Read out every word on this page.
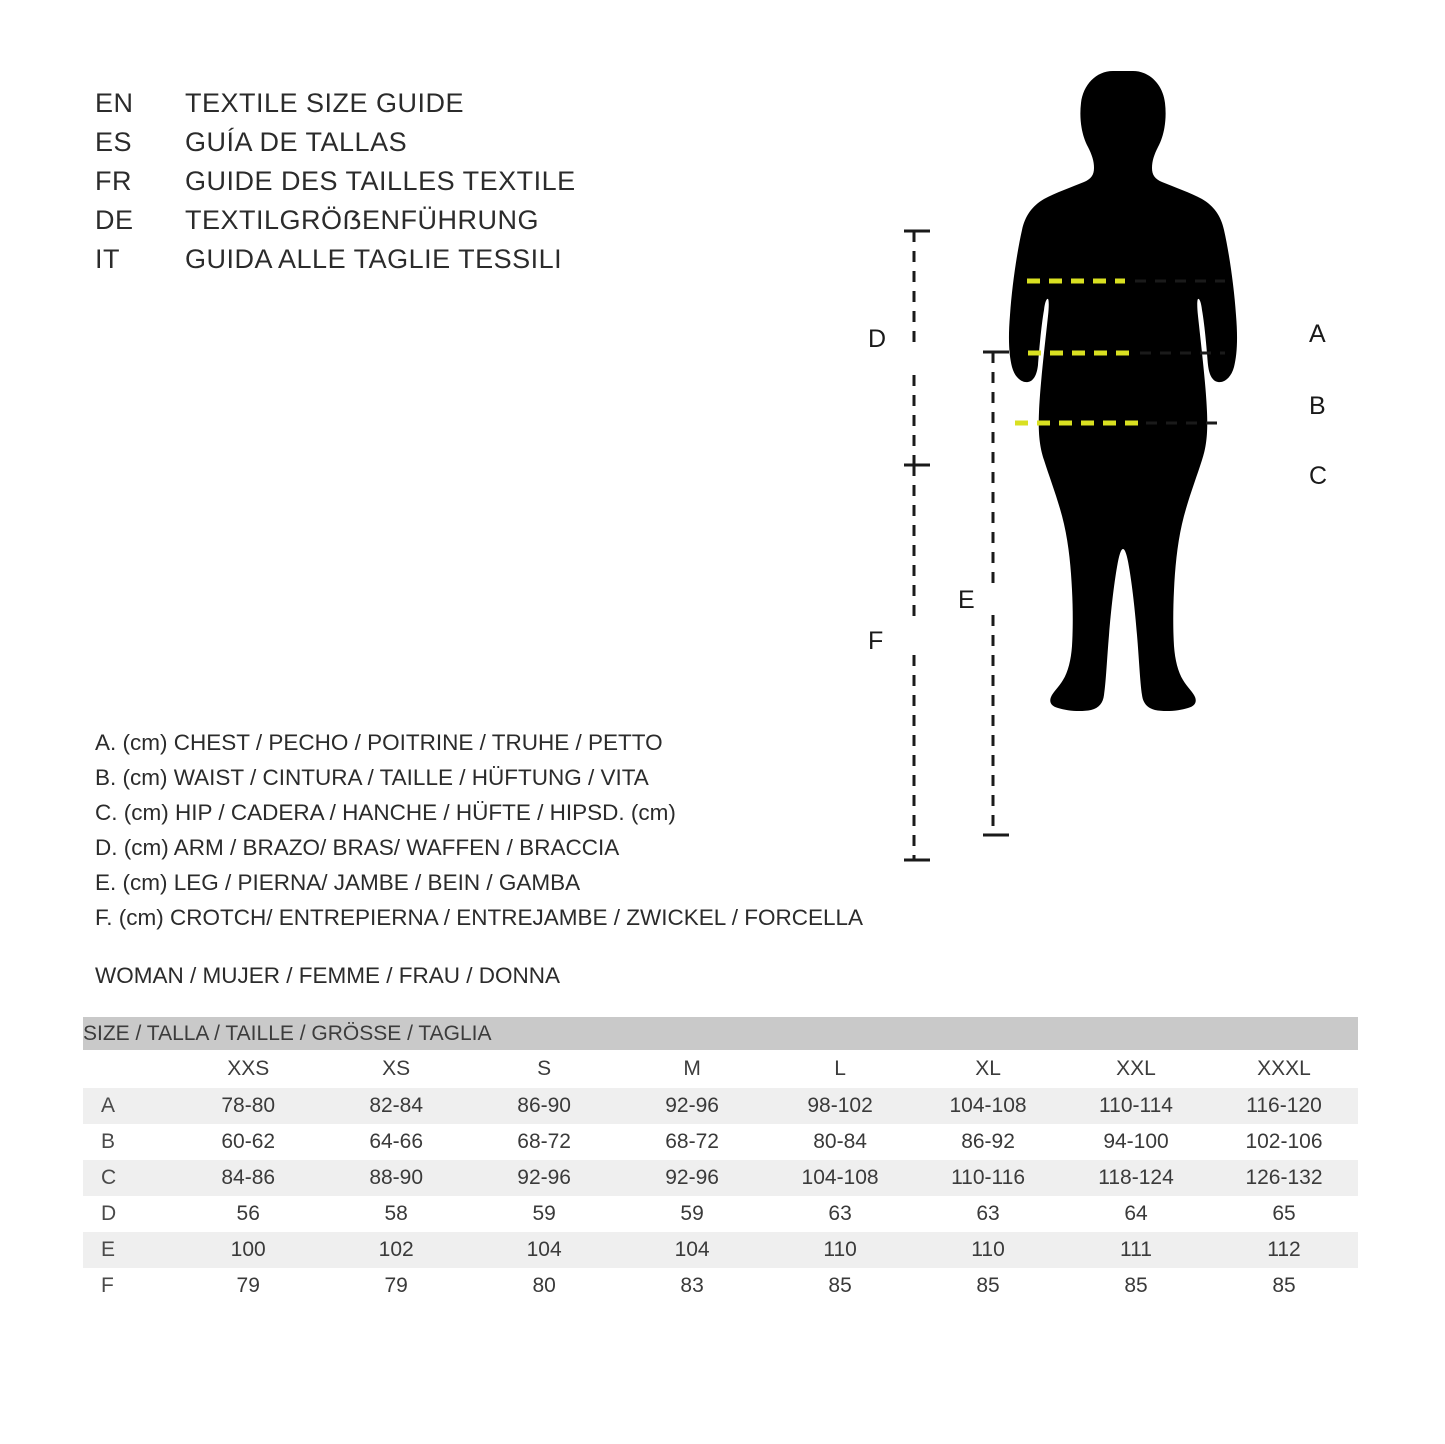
EN	TEXTILE SIZE GUIDE
ES	GUÍA DE TALLAS
FR	GUIDE DES TAILLES TEXTILE
DE	TEXTILGRÖẞENFÜHRUNG
IT	GUIDA ALLE TAGLIE TESSILI
A
B
C
D
E
F
A. (cm) CHEST / PECHO / POITRINE / TRUHE / PETTO
B. (cm) WAIST / CINTURA / TAILLE / HÜFTUNG / VITA
C. (cm) HIP / CADERA / HANCHE / HÜFTE / HIPSD. (cm)
D. (cm) ARM / BRAZO/ BRAS/ WAFFEN / BRACCIA
E. (cm) LEG / PIERNA/ JAMBE / BEIN / GAMBA
F. (cm) CROTCH/ ENTREPIERNA / ENTREJAMBE / ZWICKEL / FORCELLA
WOMAN / MUJER / FEMME / FRAU / DONNA
SIZE / TALLA / TAILLE / GRÖSSE / TAGLIA								
	XXS	XS	S	M	L	XL	XXL	XXXL
A	78-80	82-84	86-90	92-96	98-102	104-108	110-114	116-120
B	60-62	64-66	68-72	68-72	80-84	86-92	94-100	102-106
C	84-86	88-90	92-96	92-96	104-108	110-116	118-124	126-132
D	56	58	59	59	63	63	64	65
E	100	102	104	104	110	110	111	112
F	79	79	80	83	85	85	85	85
